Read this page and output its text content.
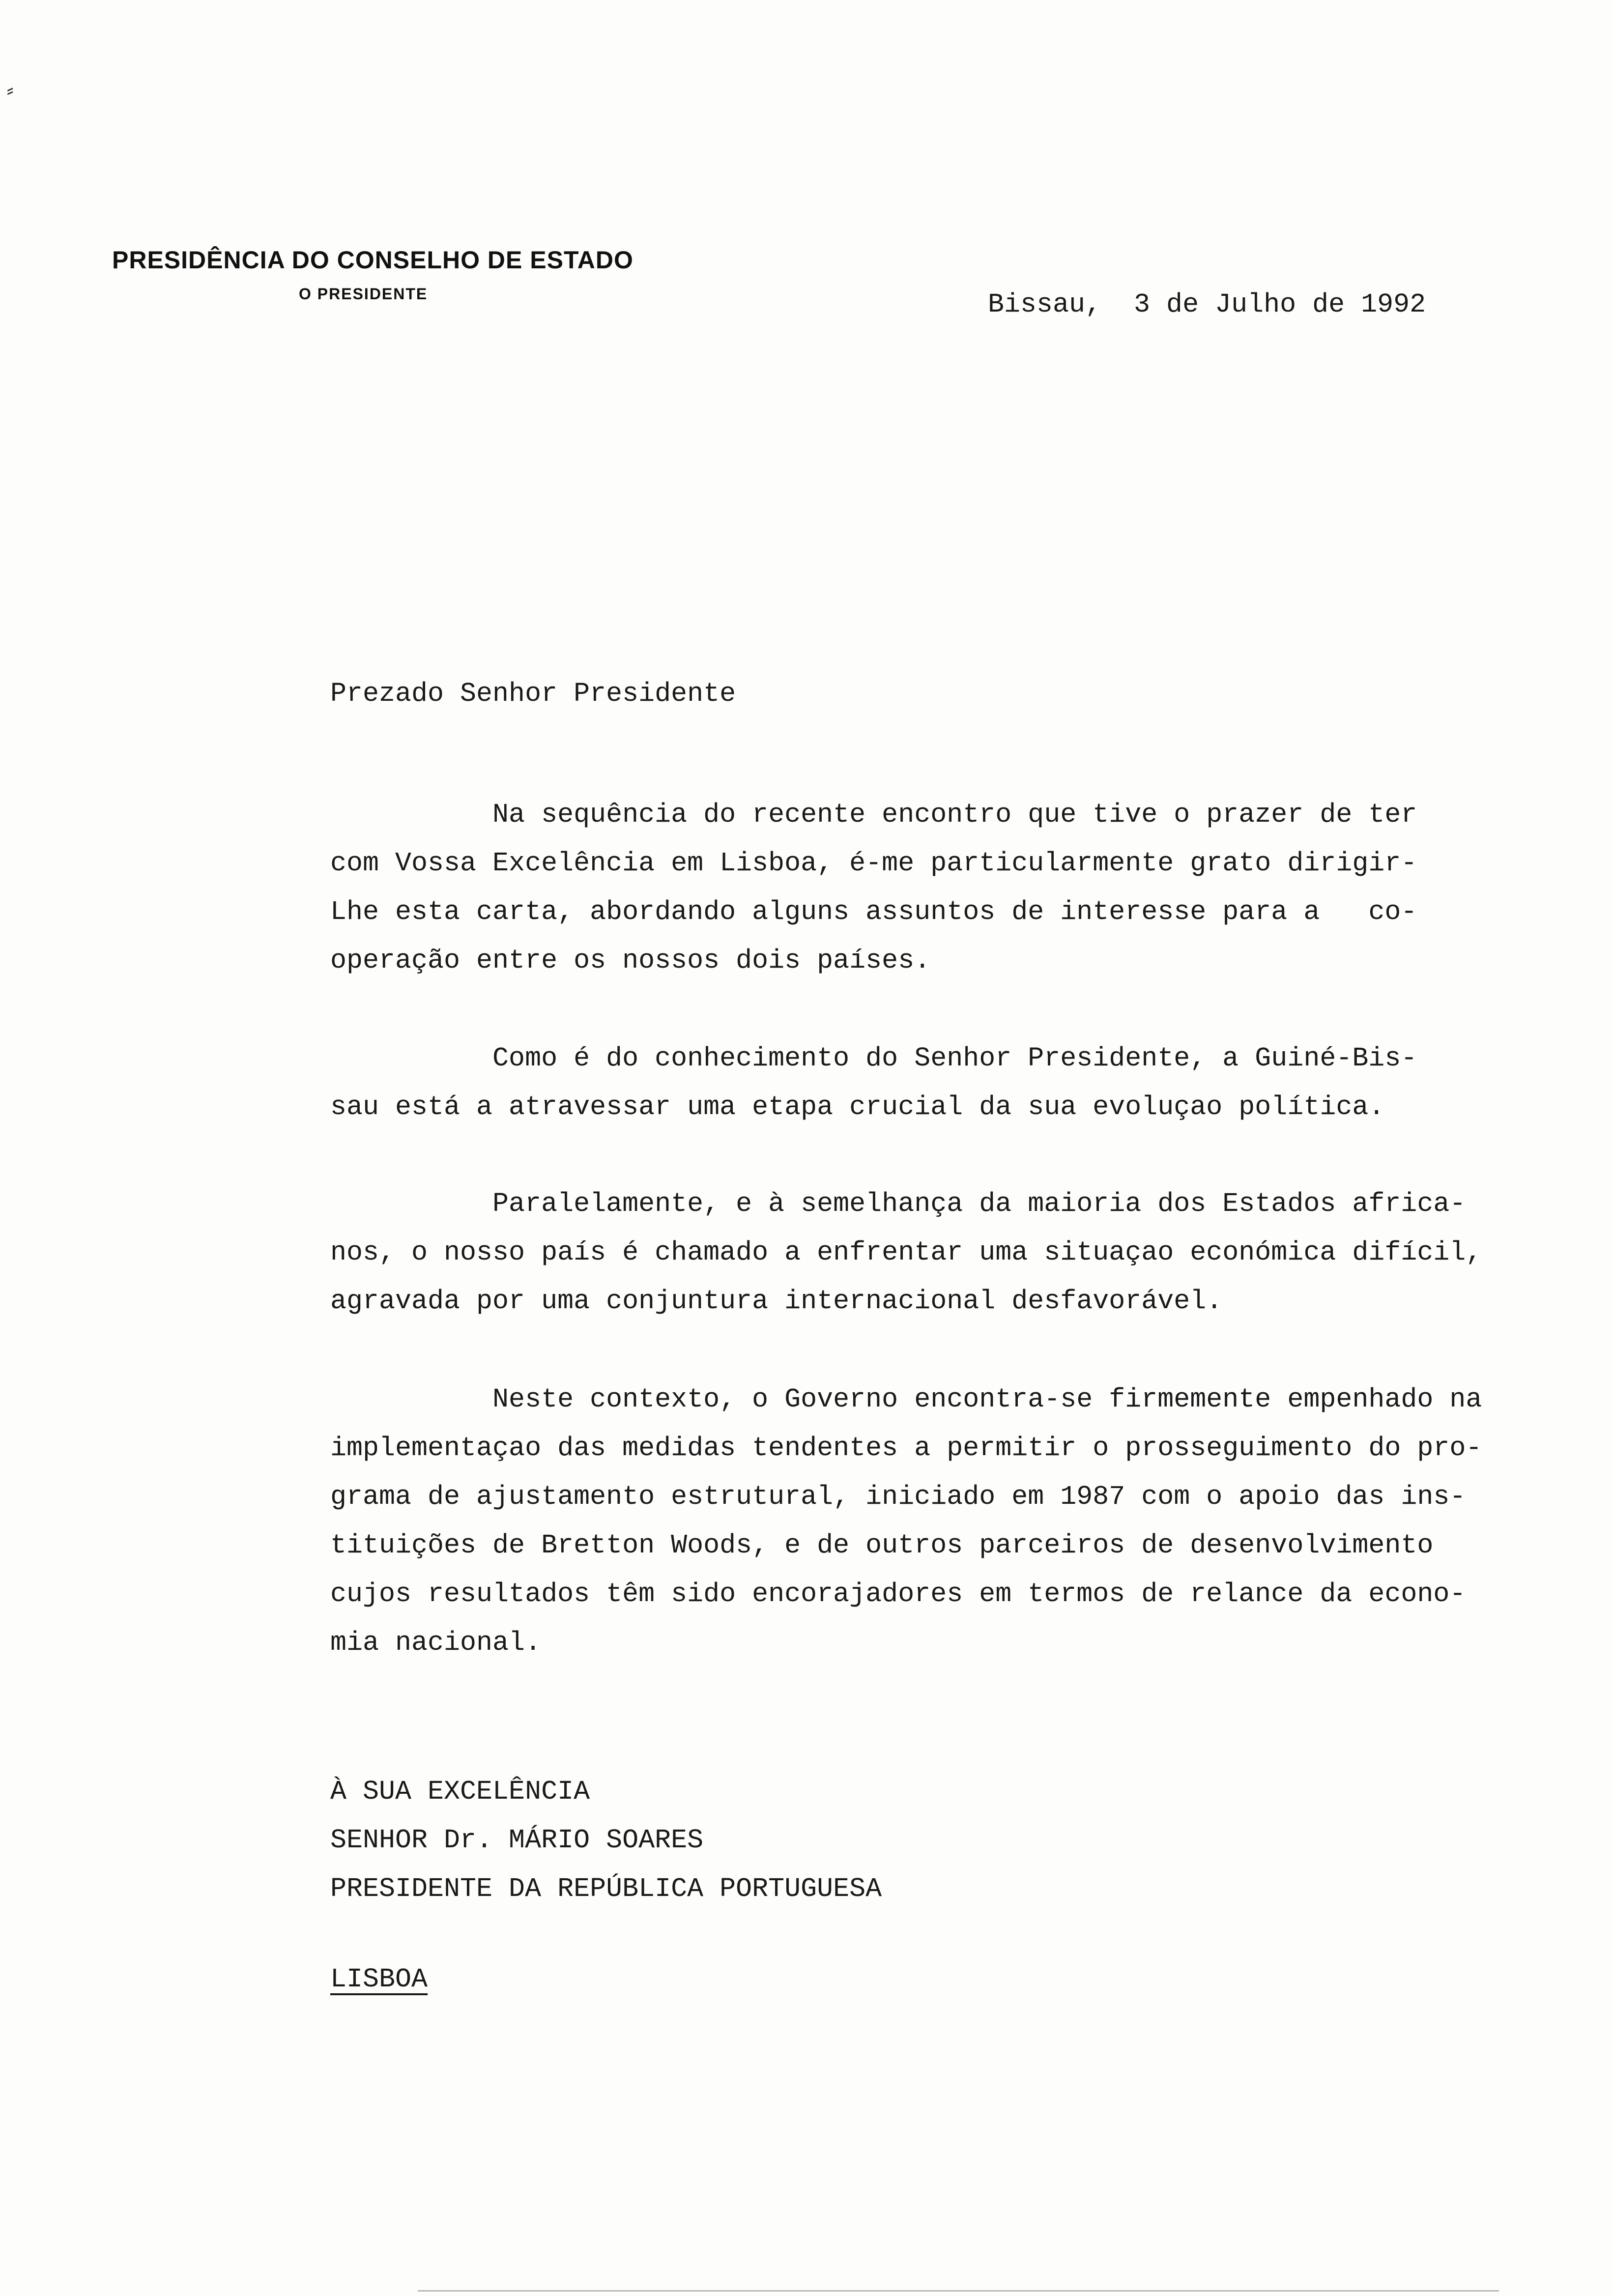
⸗
PRESIDÊNCIA DO CONSELHO DE ESTADO
O PRESIDENTE	Bissau,  3 de Julho de 1992
Prezado Senhor Presidente
Na sequência do recente encontro que tive o prazer de ter
com Vossa Excelência em Lisboa, é-me particularmente grato dirigir-
Lhe esta carta, abordando alguns assuntos de interesse para a   co-
operação entre os nossos dois países.
Como é do conhecimento do Senhor Presidente, a Guiné-Bis-
sau está a atravessar uma etapa crucial da sua evoluçao política.
Paralelamente, e à semelhança da maioria dos Estados africa-
nos, o nosso país é chamado a enfrentar uma situaçao económica difícil,
agravada por uma conjuntura internacional desfavorável.
Neste contexto, o Governo encontra-se firmemente empenhado na
implementaçao das medidas tendentes a permitir o prosseguimento do pro-
grama de ajustamento estrutural, iniciado em 1987 com o apoio das ins-
tituições de Bretton Woods, e de outros parceiros de desenvolvimento
cujos resultados têm sido encorajadores em termos de relance da econo-
mia nacional.
À SUA EXCELÊNCIA
SENHOR Dr. MÁRIO SOARES
PRESIDENTE DA REPÚBLICA PORTUGUESA
LISBOA
